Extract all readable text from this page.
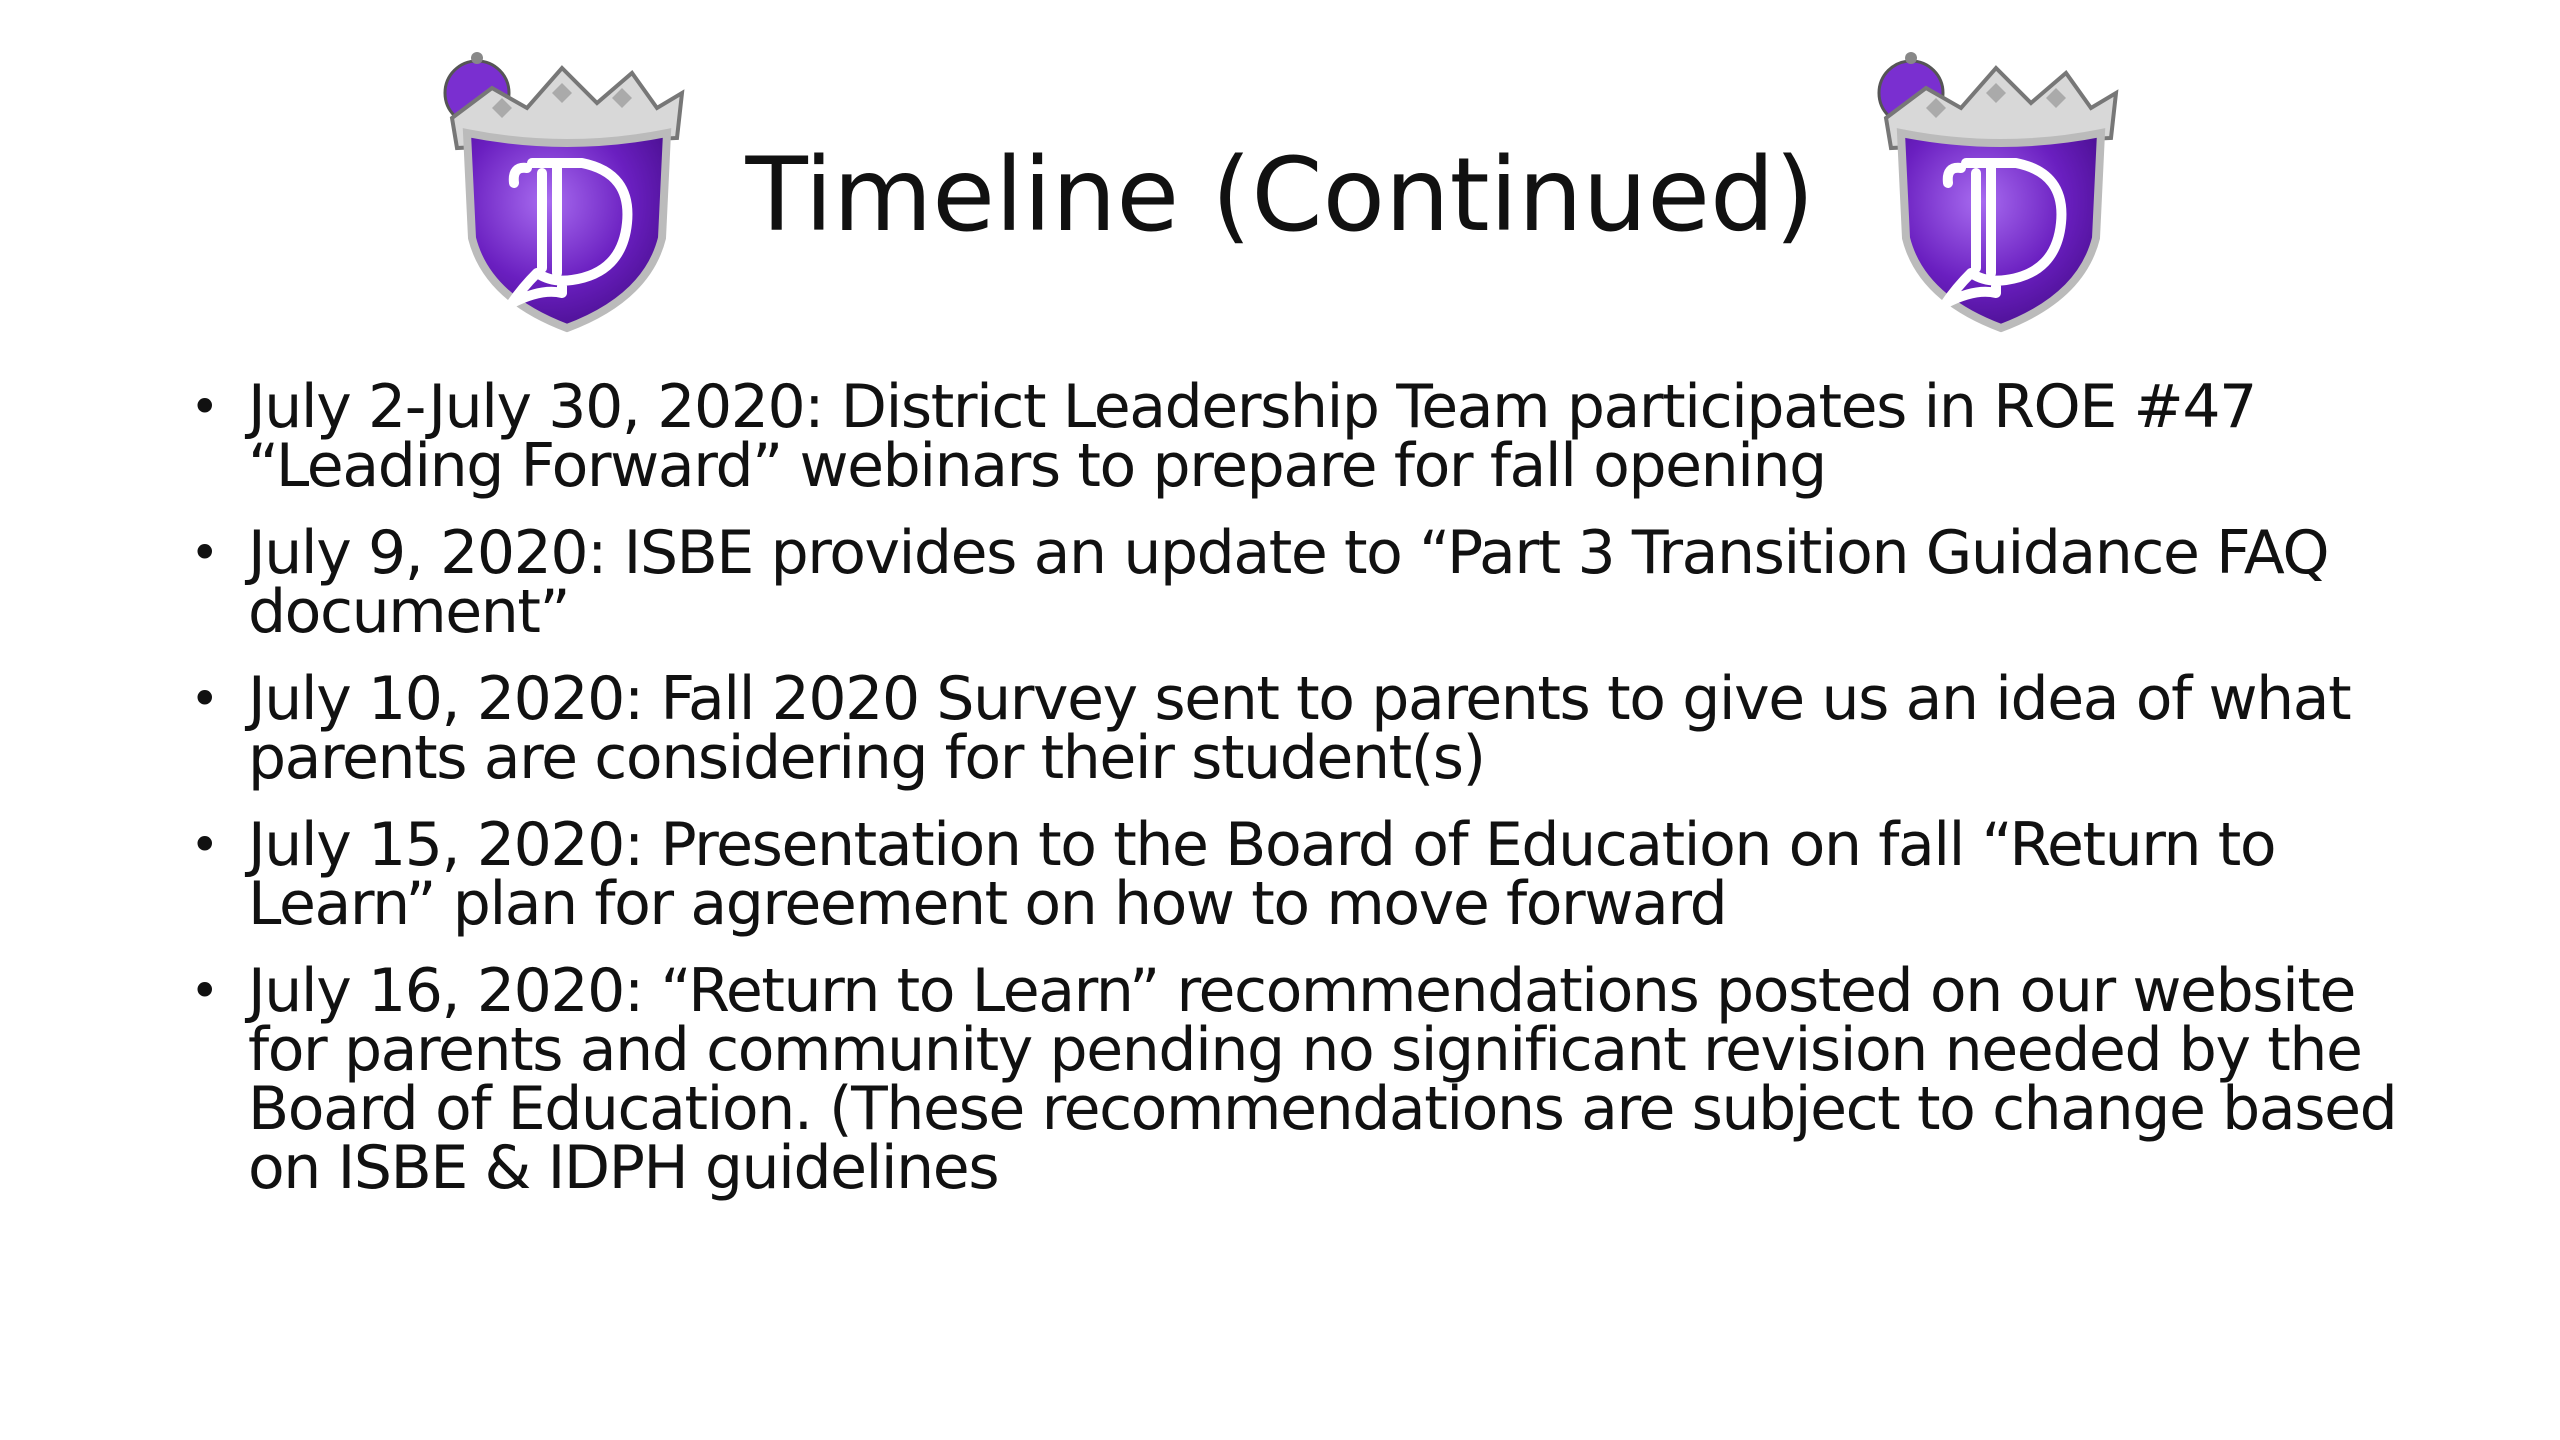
Timeline (Continued)
• July 2-July 30, 2020: District Leadership Team participates in ROE #47 “Leading Forward” webinars to prepare for fall opening
• July 9, 2020: ISBE provides an update to “Part 3 Transition Guidance FAQ document”
• July 10, 2020: Fall 2020 Survey sent to parents to give us an idea of what parents are considering for their student(s)
• July 15, 2020: Presentation to the Board of Education on fall “Return to Learn” plan for agreement on how to move forward
• July 16, 2020: “Return to Learn” recommendations posted on our website for parents and community pending no significant revision needed by the Board of Education. (These recommendations are subject to change based on ISBE & IDPH guidelines
